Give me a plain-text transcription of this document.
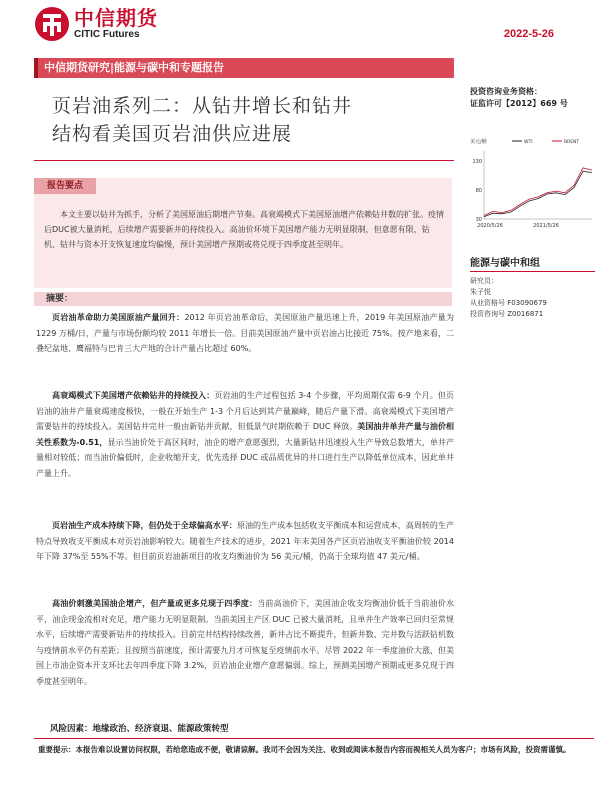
中信期货
CITIC Futures	2022-5-26
中信期货研究|能源与碳中和专题报告
页岩油系列二：从钻井增长和钻井
结构看美国页岩油供应进展
投资咨询业务资格：
证监许可【2012】669 号
美元/桶	WTI	BRENT
130
80
30
2020/5/26	2021/5/26
能源与碳中和组
研究员：
朱子悦
从业资格号 F03090679
投资咨询号 Z0016871
报告要点
本文主要以钻井为抓手，分析了美国原油后期增产节奏。高衰竭模式下美国原油增产依赖钻井数的扩张。疫情后DUC被大量消耗，后续增产需要新井的持续投入。高油价环境下美国增产能力无明显限制，但意愿有限，钻机、钻井与资本开支恢复速度均偏慢，预计美国增产预期或将兑现于四季度甚至明年。
摘要：
页岩油革命助力美国原油产量回升：2012 年页岩油革命后，美国原油产量迅速上升，2019 年美国原油产量为 1229 万桶/日，产量与市场份额均较 2011 年增长一倍。目前美国原油产量中页岩油占比接近 75%。按产地来看，二叠纪盆地、鹰福特与巴肯三大产地的合计产量占比超过 60%。
高衰竭模式下美国增产依赖钻井的持续投入：页岩油的生产过程包括 3-4 个步骤，平均周期仅需 6-9 个月。但页岩油的油井产量衰竭速度极快，一般在开始生产 1-3 个月后达到其产量巅峰，随后产量下滑。高衰竭模式下美国增产需要钻井的持续投入。美国钻井完井一般由新钻井贡献，但低景气时期依赖于 DUC 释放。美国油井单井产量与油价相关性系数为-0.51，显示当油价处于高区间时，油企的增产意愿强烈，大量新钻井迅速投入生产导致总数增大，单井产量相对较低；而当油价偏低时，企业收缩开支，优先选择 DUC 或品质优异的井口进行生产以降低单位成本，因此单井产量上升。
页岩油生产成本持续下降，但仍处于全球偏高水平：原油的生产成本包括收支平衡成本和运营成本，高周转的生产特点导致收支平衡成本对页岩油影响较大。随着生产技术的进步，2021 年末美国各产区页岩油收支平衡油价较 2014 年下降 37%至 55%不等。但目前页岩油新项目的收支均衡油价为 56 美元/桶，仍高于全球均值 47 美元/桶。
高油价刺激美国油企增产，但产量或更多兑现于四季度：当前高油价下，美国油企收支均衡油价低于当前油价水平，油企现金流相对充足，增产能力无明显限制。当前美国主产区 DUC 已被大量消耗，且单井生产效率已回归至常规水平，后续增产需要新钻井的持续投入。目前完井结构持续改善，新井占比不断提升，但新井数、完井数与活跃钻机数与疫情前水平仍有差距；且按照当前速度，预计需要九月才可恢复至疫情前水平。尽管 2022 年一季度油价大涨，但美国上市油企资本开支环比去年四季度下降 3.2%，页岩油企业增产意愿偏弱。综上，预测美国增产预期或更多兑现于四季度甚至明年。
风险因素：地缘政治、经济衰退、能源政策转型
重要提示：本报告难以设置访问权限，若给您造成不便，敬请谅解。我司不会因为关注、收到或阅读本报告内容而视相关人员为客户；市场有风险，投资需谨慎。
